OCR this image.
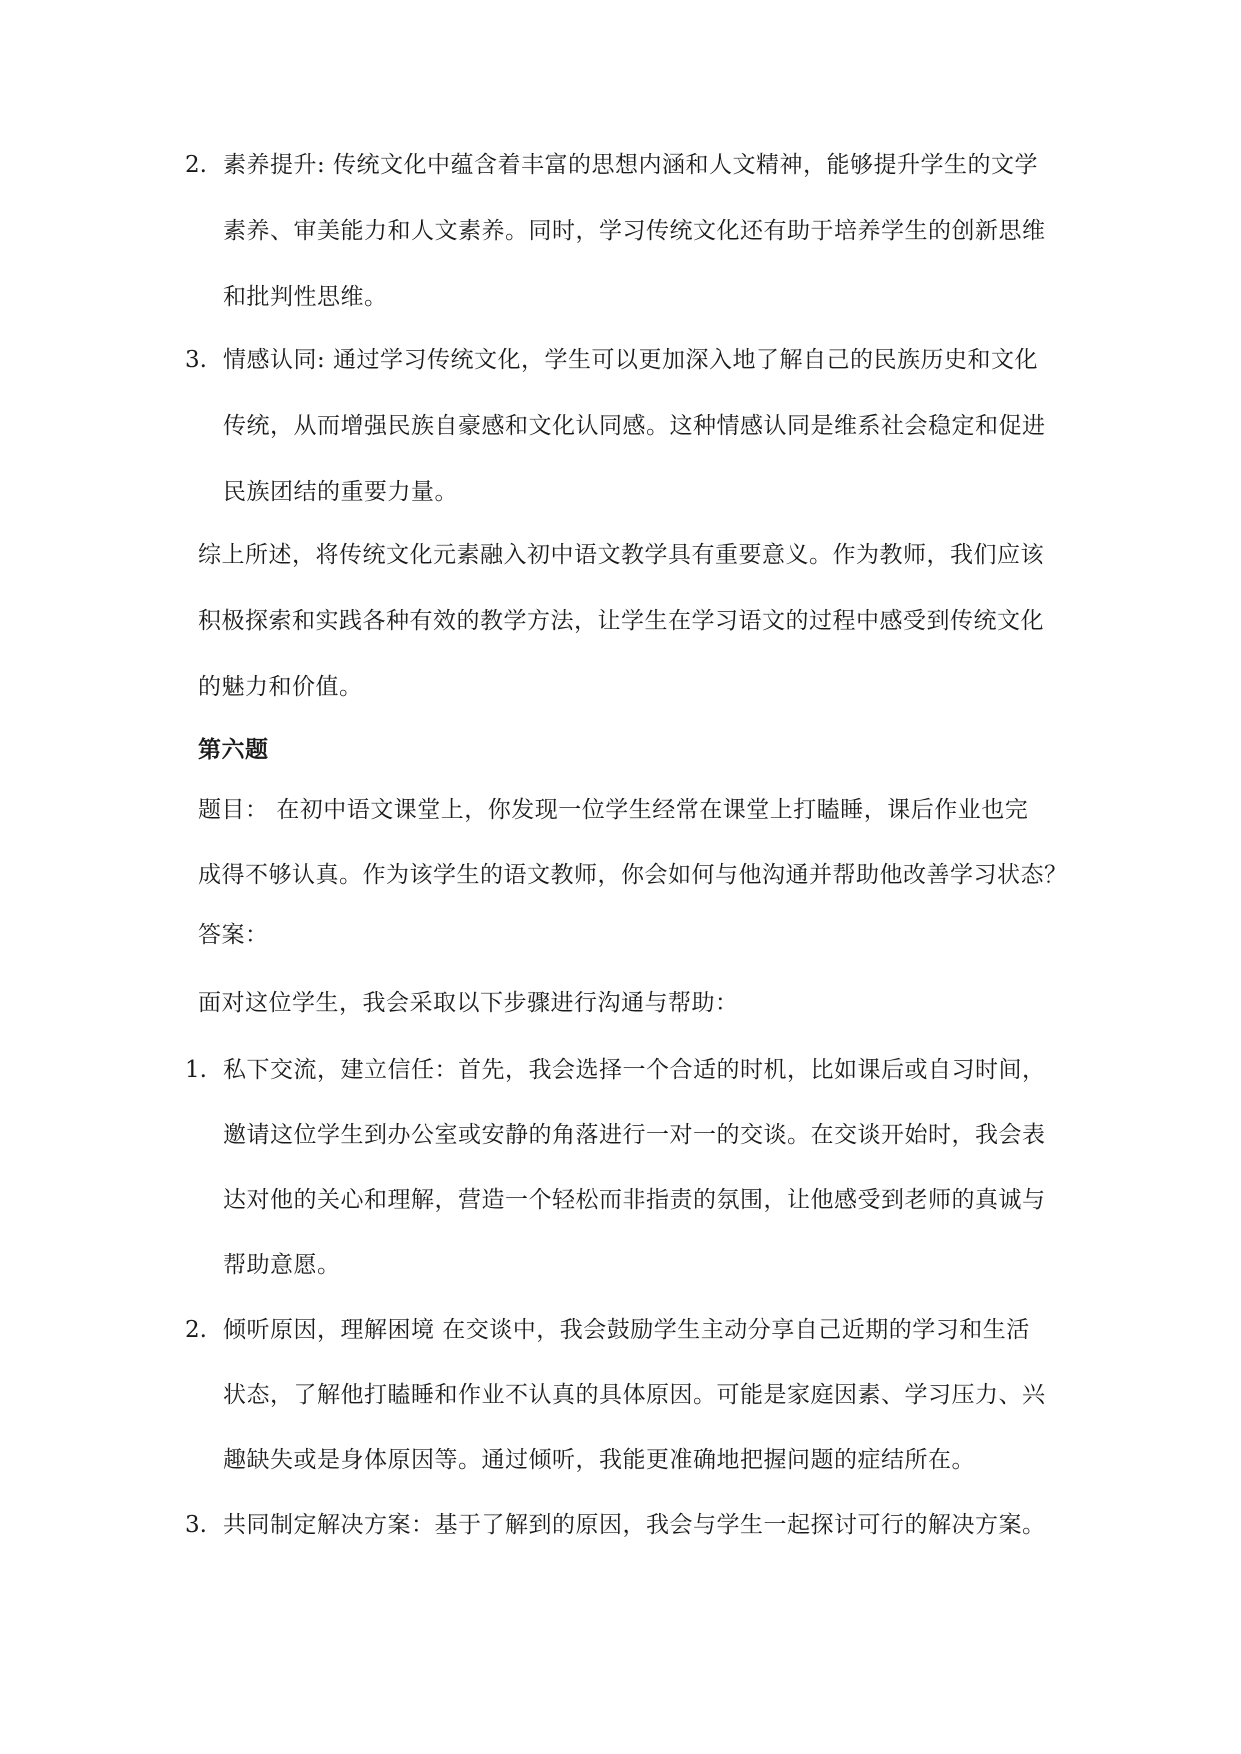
2. 素养提升: 传统文化中蕴含着丰富的思想内涵和人文精神，能够提升学生的文学
素养、审美能力和人文素养。同时，学习传统文化还有助于培养学生的创新思维
和批判性思维。
3. 情感认同: 通过学习传统文化，学生可以更加深入地了解自己的民族历史和文化
传统，从而增强民族自豪感和文化认同感。这种情感认同是维系社会稳定和促进
民族团结的重要力量。
综上所述，将传统文化元素融入初中语文教学具有重要意义。作为教师，我们应该
积极探索和实践各种有效的教学方法，让学生在学习语文的过程中感受到传统文化
的魅力和价值。
第六题
题目： 在初中语文课堂上，你发现一位学生经常在课堂上打瞌睡，课后作业也完
成得不够认真。作为该学生的语文教师，你会如何与他沟通并帮助他改善学习状态？
答案：
面对这位学生，我会采取以下步骤进行沟通与帮助：
1. 私下交流，建立信任：首先，我会选择一个合适的时机，比如课后或自习时间，
邀请这位学生到办公室或安静的角落进行一对一的交谈。在交谈开始时，我会表
达对他的关心和理解，营造一个轻松而非指责的氛围，让他感受到老师的真诚与
帮助意愿。
2. 倾听原因，理解困境 在交谈中，我会鼓励学生主动分享自己近期的学习和生活
状态，了解他打瞌睡和作业不认真的具体原因。可能是家庭因素、学习压力、兴
趣缺失或是身体原因等。通过倾听，我能更准确地把握问题的症结所在。
3. 共同制定解决方案：基于了解到的原因，我会与学生一起探讨可行的解决方案。
